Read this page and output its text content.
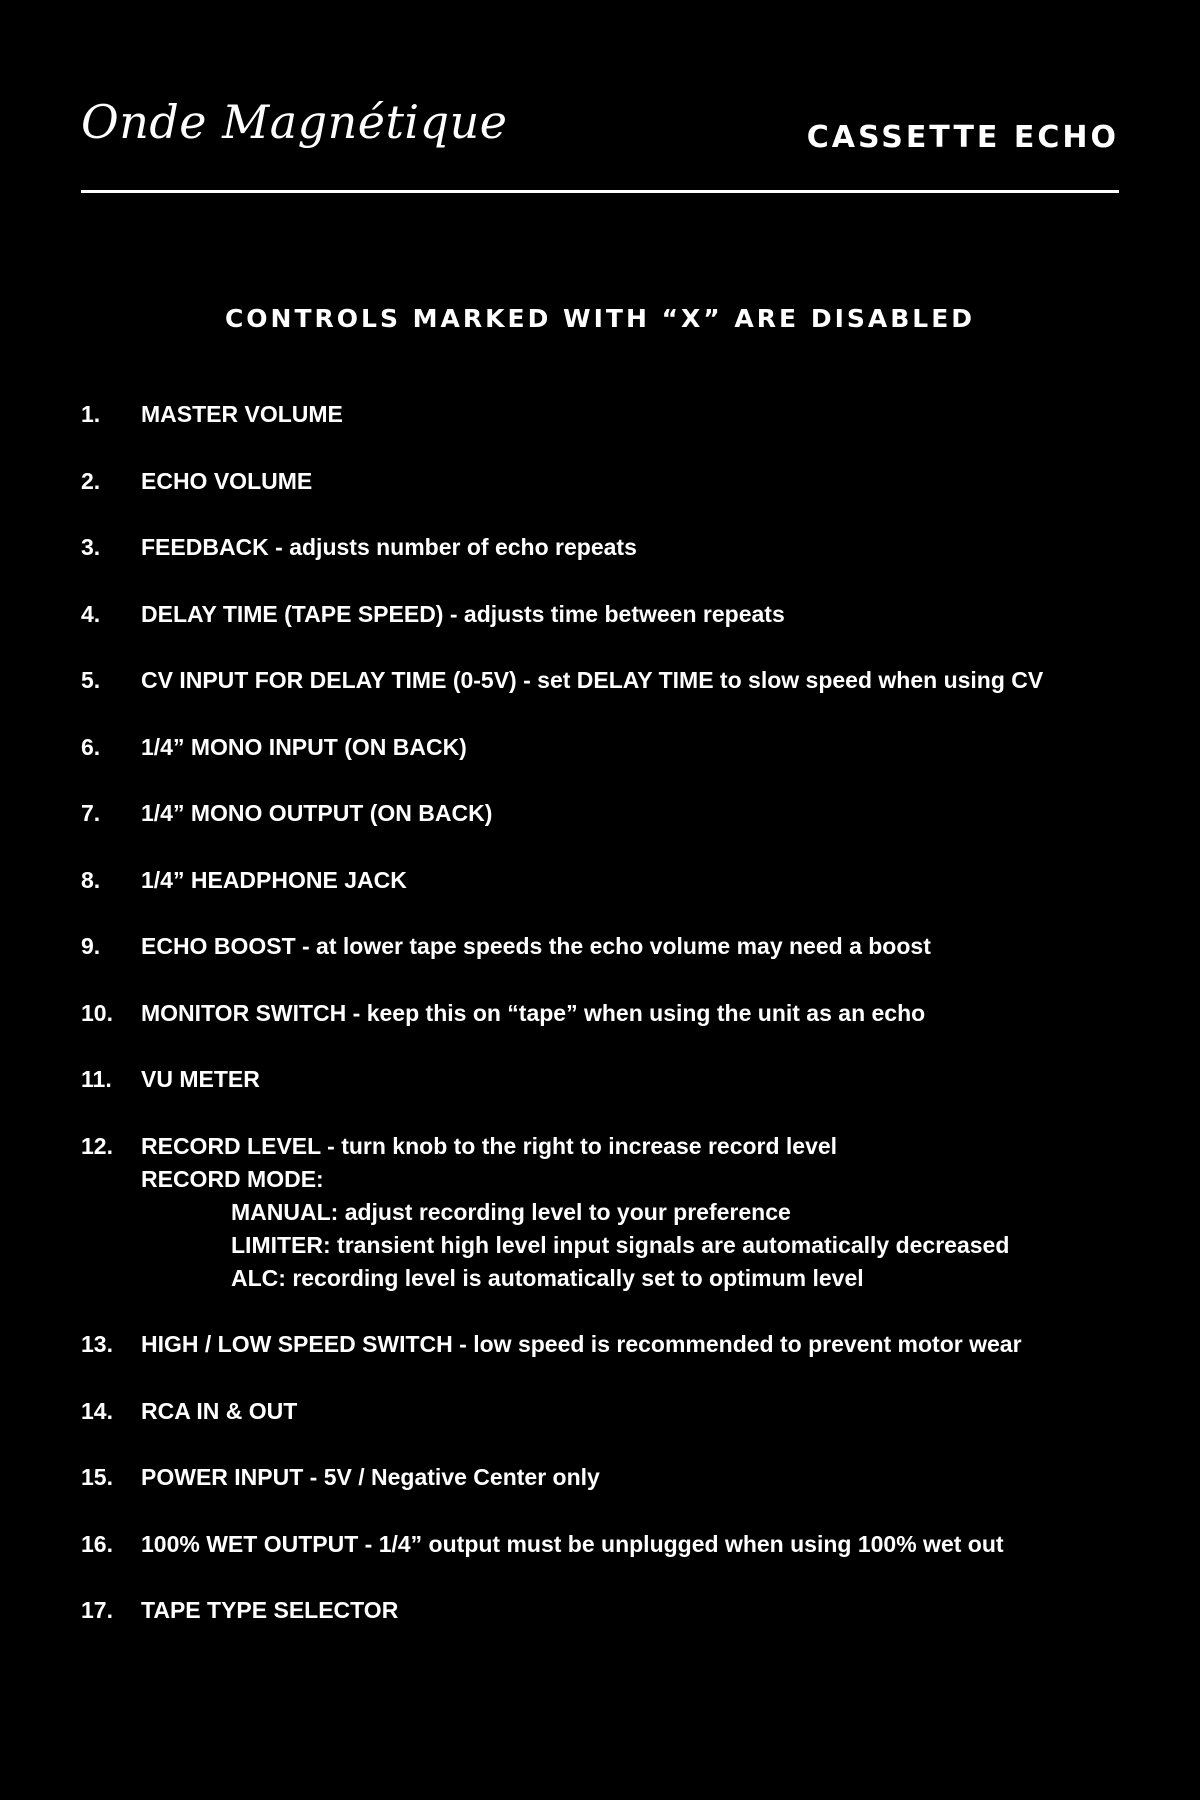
Onde Magnétique	CASSETTE ECHO
CONTROLS MARKED WITH “X” ARE DISABLED
1.	MASTER VOLUME
2.	ECHO VOLUME
3.	FEEDBACK - adjusts number of echo repeats
4.	DELAY TIME (TAPE SPEED) - adjusts time between repeats
5.	CV INPUT FOR DELAY TIME (0-5V) - set DELAY TIME to slow speed when using CV
6.	1/4” MONO INPUT (ON BACK)
7.	1/4” MONO OUTPUT (ON BACK)
8.	1/4” HEADPHONE JACK
9.	ECHO BOOST - at lower tape speeds the echo volume may need a boost
10.	MONITOR SWITCH - keep this on “tape” when using the unit as an echo
11.	VU METER
12.	RECORD LEVEL - turn knob to the right to increase record level
RECORD MODE:
MANUAL: adjust recording level to your preference
LIMITER: transient high level input signals are automatically decreased
ALC: recording level is automatically set to optimum level
13.	HIGH / LOW SPEED SWITCH - low speed is recommended to prevent motor wear
14.	RCA IN & OUT
15.	POWER INPUT - 5V / Negative Center only
16.	100% WET OUTPUT - 1/4” output must be unplugged when using 100% wet out
17.	TAPE TYPE SELECTOR
